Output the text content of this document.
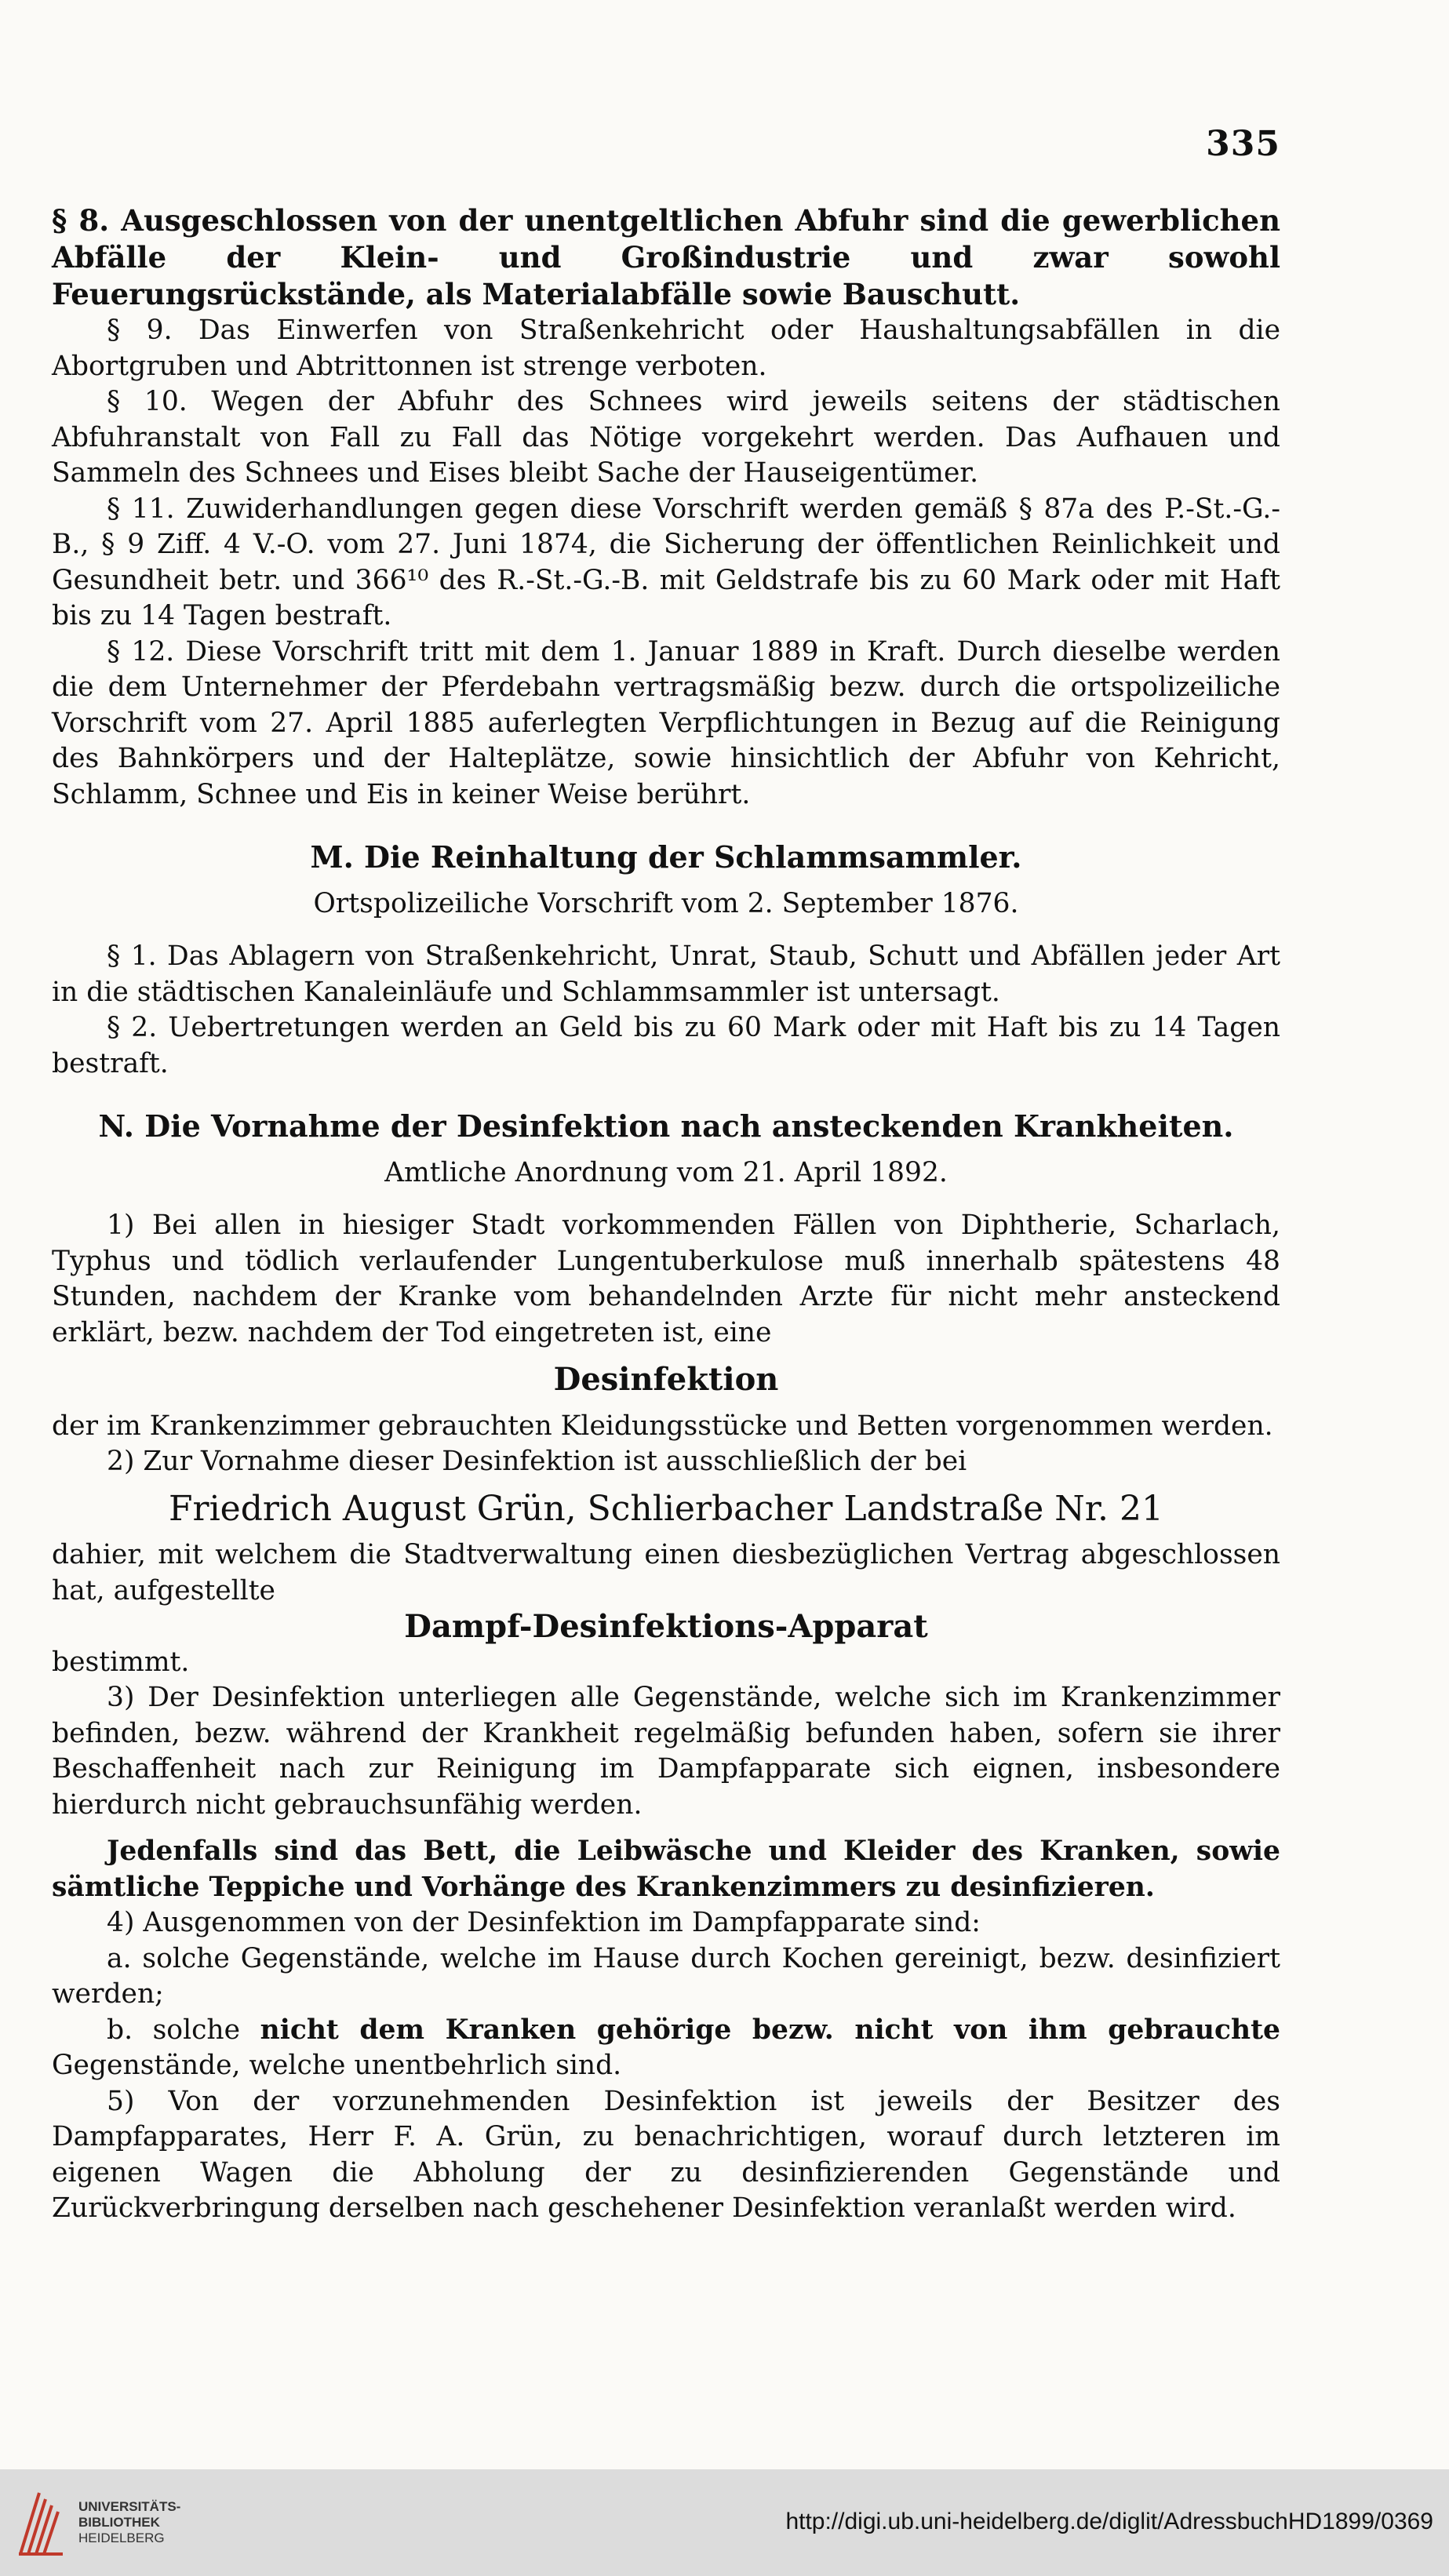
335

§ 8. Ausgeschlossen von der unentgeltlichen Abfuhr sind die gewerblichen Abfälle der Klein- und Großindustrie und zwar sowohl Feuerungsrückstände, als Materialabfälle sowie Bauschutt.

§ 9. Das Einwerfen von Straßenkehricht oder Haushaltungsabfällen in die Abortgruben und Abtrittonnen ist strenge verboten.

§ 10. Wegen der Abfuhr des Schnees wird jeweils seitens der städtischen Abfuhranstalt von Fall zu Fall das Nötige vorgekehrt werden. Das Aufhauen und Sammeln des Schnees und Eises bleibt Sache der Hauseigentümer.

§ 11. Zuwiderhandlungen gegen diese Vorschrift werden gemäß § 87a des P.-St.-G.-B., § 9 Ziff. 4 V.-O. vom 27. Juni 1874, die Sicherung der öffentlichen Reinlichkeit und Gesundheit betr. und 366¹⁰ des R.-St.-G.-B. mit Geldstrafe bis zu 60 Mark oder mit Haft bis zu 14 Tagen bestraft.

§ 12. Diese Vorschrift tritt mit dem 1. Januar 1889 in Kraft. Durch dieselbe werden die dem Unternehmer der Pferdebahn vertragsmäßig bezw. durch die ortspolizeiliche Vorschrift vom 27. April 1885 auferlegten Verpflichtungen in Bezug auf die Reinigung des Bahnkörpers und der Halteplätze, sowie hinsichtlich der Abfuhr von Kehricht, Schlamm, Schnee und Eis in keiner Weise berührt.

M. Die Reinhaltung der Schlammsammler.

Ortspolizeiliche Vorschrift vom 2. September 1876.

§ 1. Das Ablagern von Straßenkehricht, Unrat, Staub, Schutt und Abfällen jeder Art in die städtischen Kanaleinläufe und Schlammsammler ist untersagt.

§ 2. Uebertretungen werden an Geld bis zu 60 Mark oder mit Haft bis zu 14 Tagen bestraft.

N. Die Vornahme der Desinfektion nach ansteckenden Krankheiten.

Amtliche Anordnung vom 21. April 1892.

1) Bei allen in hiesiger Stadt vorkommenden Fällen von Diphtherie, Scharlach, Typhus und tödlich verlaufender Lungentuberkulose muß innerhalb spätestens 48 Stunden, nachdem der Kranke vom behandelnden Arzte für nicht mehr ansteckend erklärt, bezw. nachdem der Tod eingetreten ist, eine

Desinfektion

der im Krankenzimmer gebrauchten Kleidungsstücke und Betten vorgenommen werden.

2) Zur Vornahme dieser Desinfektion ist ausschließlich der bei

Friedrich August Grün, Schlierbacher Landstraße Nr. 21

dahier, mit welchem die Stadtverwaltung einen diesbezüglichen Vertrag abgeschlossen hat, aufgestellte

Dampf-Desinfektions-Apparat

bestimmt.

3) Der Desinfektion unterliegen alle Gegenstände, welche sich im Krankenzimmer befinden, bezw. während der Krankheit regelmäßig befunden haben, sofern sie ihrer Beschaffenheit nach zur Reinigung im Dampfapparate sich eignen, insbesondere hierdurch nicht gebrauchsunfähig werden.

Jedenfalls sind das Bett, die Leibwäsche und Kleider des Kranken, sowie sämtliche Teppiche und Vorhänge des Krankenzimmers zu desinfizieren.

4) Ausgenommen von der Desinfektion im Dampfapparate sind:

a. solche Gegenstände, welche im Hause durch Kochen gereinigt, bezw. desinfiziert werden;

b. solche nicht dem Kranken gehörige bezw. nicht von ihm gebrauchte Gegenstände, welche unentbehrlich sind.

5) Von der vorzunehmenden Desinfektion ist jeweils der Besitzer des Dampfapparates, Herr F. A. Grün, zu benachrichtigen, worauf durch letzteren im eigenen Wagen die Abholung der zu desinfizierenden Gegenstände und Zurückverbringung derselben nach geschehener Desinfektion veranlaßt werden wird.

UNIVERSITÄTS-
BIBLIOTHEK
HEIDELBERG
http://digi.ub.uni-heidelberg.de/diglit/AdressbuchHD1899/0369
